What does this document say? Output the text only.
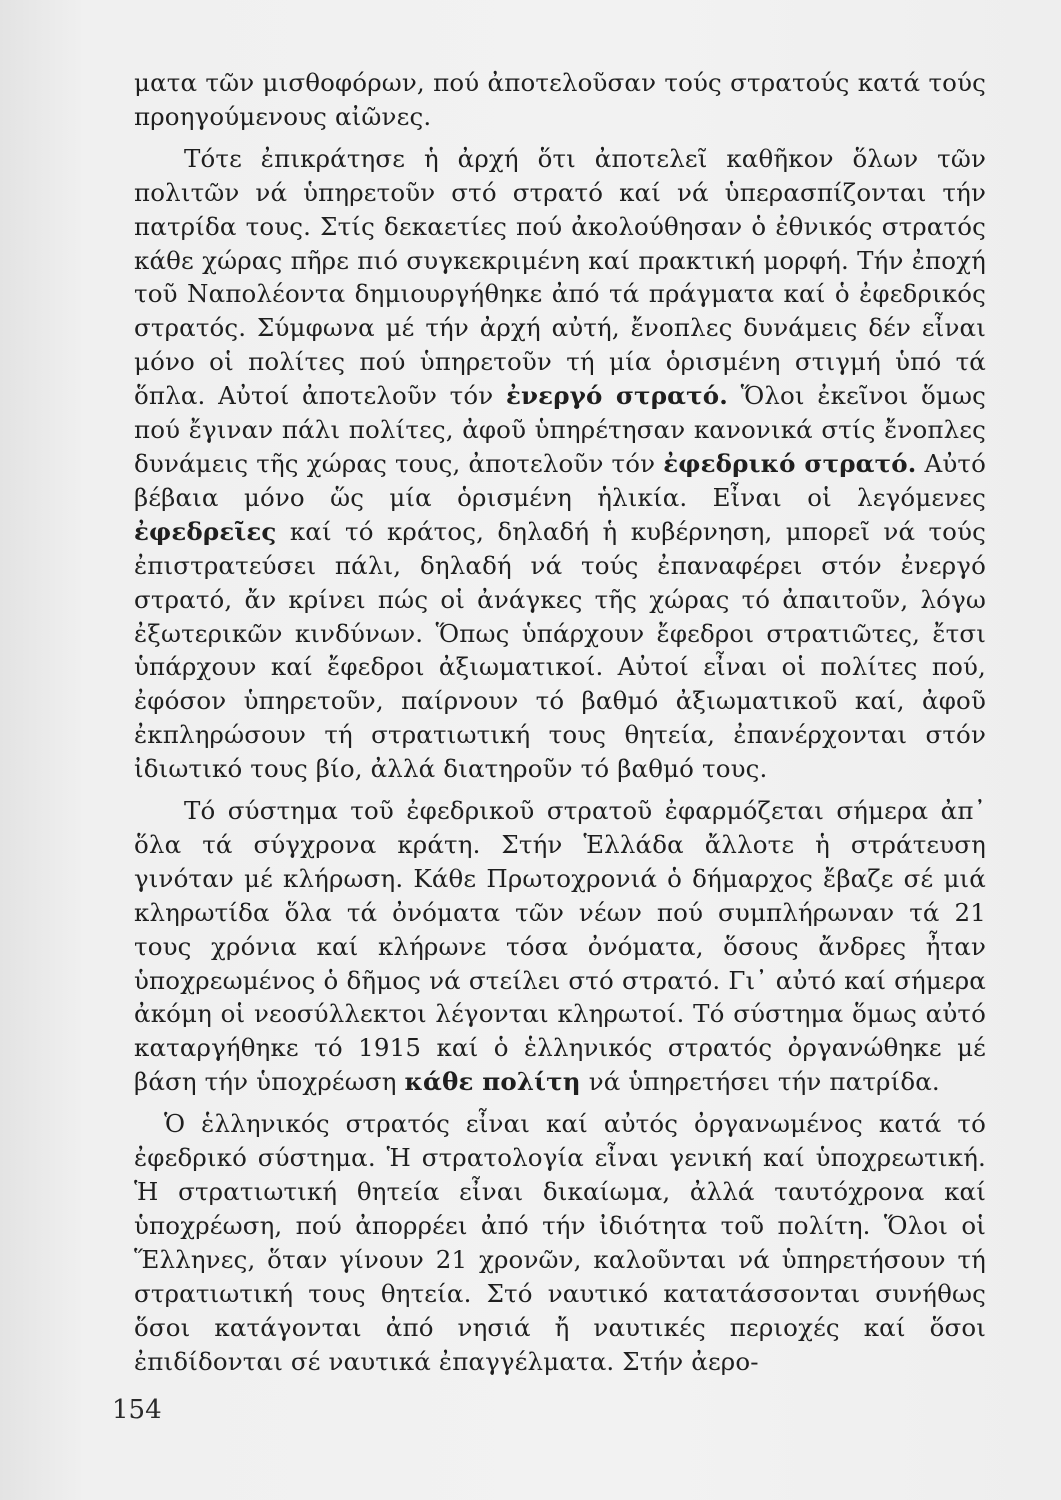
ματα τῶν μισθοφόρων, πού ἀποτελοῦσαν τούς στρατούς κατά τούς προηγούμενους αἰῶνες.

Τότε ἐπικράτησε ἡ ἀρχή ὅτι ἀποτελεῖ καθῆκον ὅλων τῶν πολιτῶν νά ὑπηρετοῦν στό στρατό καί νά ὑπερασπίζονται τήν πατρίδα τους. Στίς δεκαετίες πού ἀκολούθησαν ὁ ἐθνικός στρατός κάθε χώρας πῆρε πιό συγκεκριμένη καί πρακτική μορφή. Τήν ἐποχή τοῦ Ναπολέοντα δημιουργήθηκε ἀπό τά πράγματα καί ὁ ἐφεδρικός στρατός. Σύμφωνα μέ τήν ἀρχή αὐτή, ἔνοπλες δυνάμεις δέν εἶναι μόνο οἱ πολίτες πού ὑπηρετοῦν τή μία ὁρισμένη στιγμή ὑπό τά ὅπλα. Αὐτοί ἀποτελοῦν τόν ἐνεργό στρατό. Ὅλοι ἐκεῖνοι ὅμως πού ἔγιναν πάλι πολίτες, ἀφοῦ ὑπηρέτησαν κανονικά στίς ἔνοπλες δυνάμεις τῆς χώρας τους, ἀποτελοῦν τόν ἐφεδρικό στρατό. Αὐτό βέβαια μόνο ὥς μία ὁρισμένη ἡλικία. Εἶναι οἱ λεγόμενες ἐφεδρεῖες καί τό κράτος, δηλαδή ἡ κυβέρνηση, μπορεῖ νά τούς ἐπιστρατεύσει πάλι, δηλαδή νά τούς ἐπαναφέρει στόν ἐνεργό στρατό, ἄν κρίνει πώς οἱ ἀνάγκες τῆς χώρας τό ἀπαιτοῦν, λόγω ἐξωτερικῶν κινδύνων. Ὅπως ὑπάρχουν ἔφεδροι στρατιῶτες, ἔτσι ὑπάρχουν καί ἔφεδροι ἀξιωματικοί. Αὐτοί εἶναι οἱ πολίτες πού, ἐφόσον ὑπηρετοῦν, παίρνουν τό βαθμό ἀξιωματικοῦ καί, ἀφοῦ ἐκπληρώσουν τή στρατιωτική τους θητεία, ἐπανέρχονται στόν ἰδιωτικό τους βίο, ἀλλά διατηροῦν τό βαθμό τους.

Τό σύστημα τοῦ ἐφεδρικοῦ στρατοῦ ἐφαρμόζεται σήμερα ἀπ᾿ ὅλα τά σύγχρονα κράτη. Στήν Ἑλλάδα ἄλλοτε ἡ στράτευση γινόταν μέ κλήρωση. Κάθε Πρωτοχρονιά ὁ δήμαρχος ἔβαζε σέ μιά κληρωτίδα ὅλα τά ὀνόματα τῶν νέων πού συμπλήρωναν τά 21 τους χρόνια καί κλήρωνε τόσα ὀνόματα, ὅσους ἄνδρες ἦταν ὑποχρεωμένος ὁ δῆμος νά στείλει στό στρατό. Γι᾿ αὐτό καί σήμερα ἀκόμη οἱ νεοσύλλεκτοι λέγονται κληρωτοί. Τό σύστημα ὅμως αὐτό καταργήθηκε τό 1915 καί ὁ ἑλληνικός στρατός ὀργανώθηκε μέ βάση τήν ὑποχρέωση κάθε πολίτη νά ὑπηρετήσει τήν πατρίδα.

Ὁ ἑλληνικός στρατός εἶναι καί αὐτός ὀργανωμένος κατά τό ἐφεδρικό σύστημα. Ἡ στρατολογία εἶναι γενική καί ὑποχρεωτική. Ἡ στρατιωτική θητεία εἶναι δικαίωμα, ἀλλά ταυτόχρονα καί ὑποχρέωση, πού ἀπορρέει ἀπό τήν ἰδιότητα τοῦ πολίτη. Ὅλοι οἱ Ἕλληνες, ὅταν γίνουν 21 χρονῶν, καλοῦνται νά ὑπηρετήσουν τή στρατιωτική τους θητεία. Στό ναυτικό κατατάσσονται συνήθως ὅσοι κατάγονται ἀπό νησιά ἤ ναυτικές περιοχές καί ὅσοι ἐπιδίδονται σέ ναυτικά ἐπαγγέλματα. Στήν ἀερο-

154
